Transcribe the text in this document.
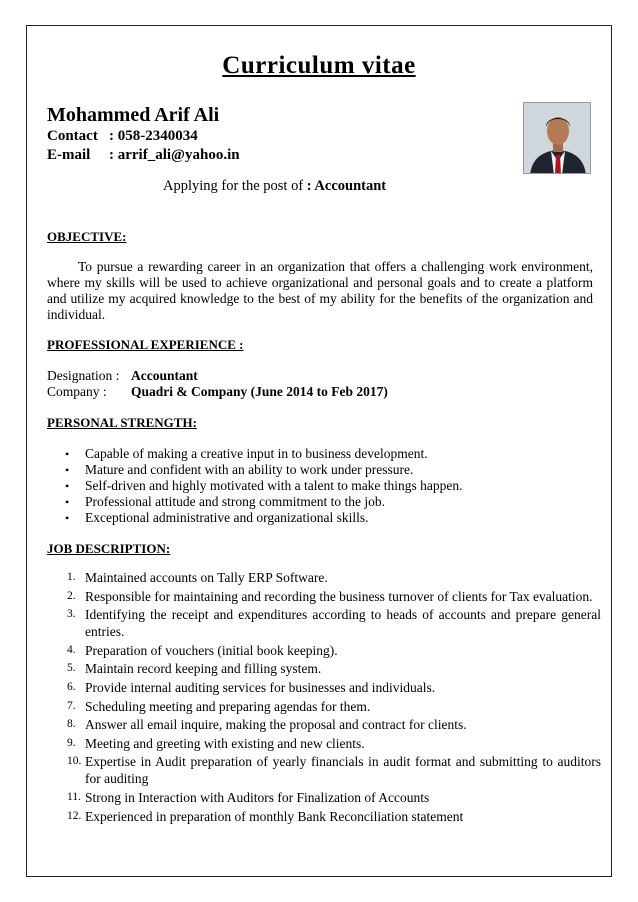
Curriculum vitae
Mohammed Arif Ali
Contact : 058-2340034
E-mail : arrif_ali@yahoo.in
Applying for the post of : Accountant
OBJECTIVE:
To pursue a rewarding career in an organization that offers a challenging work environment, where my skills will be used to achieve organizational and personal goals and to create a platform and utilize my acquired knowledge to the best of my ability for the benefits of the organization and individual.
PROFESSIONAL EXPERIENCE :
Designation : Accountant
Company : Quadri & Company (June 2014 to Feb 2017)
PERSONAL STRENGTH:
• Capable of making a creative input in to business development.
• Mature and confident with an ability to work under pressure.
• Self-driven and highly motivated with a talent to make things happen.
• Professional attitude and strong commitment to the job.
• Exceptional administrative and organizational skills.
JOB DESCRIPTION:
1. Maintained accounts on Tally ERP Software.
2. Responsible for maintaining and recording the business turnover of clients for Tax evaluation.
3. Identifying the receipt and expenditures according to heads of accounts and prepare general entries.
4. Preparation of vouchers (initial book keeping).
5. Maintain record keeping and filling system.
6. Provide internal auditing services for businesses and individuals.
7. Scheduling meeting and preparing agendas for them.
8. Answer all email inquire, making the proposal and contract for clients.
9. Meeting and greeting with existing and new clients.
10. Expertise in Audit preparation of yearly financials in audit format and submitting to auditors for auditing
11. Strong in Interaction with Auditors for Finalization of Accounts
12. Experienced in preparation of monthly Bank Reconciliation statement
